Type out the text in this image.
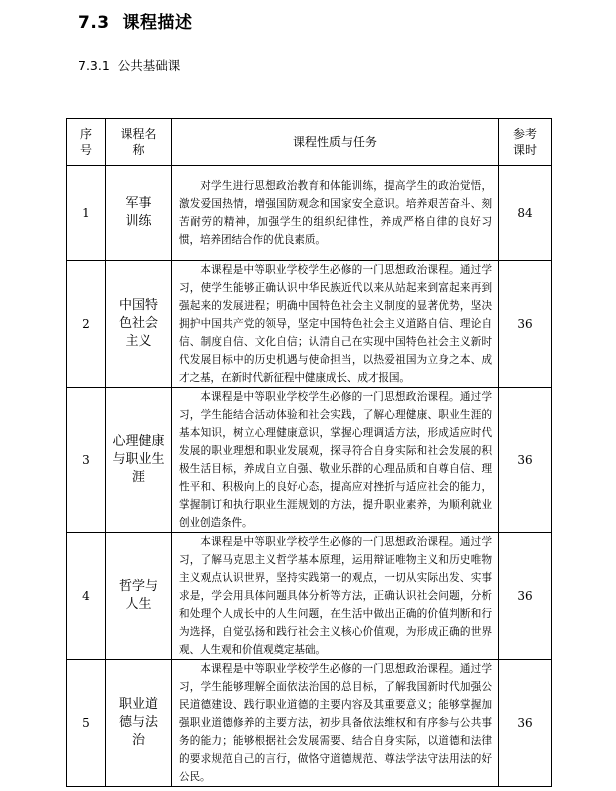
7.3 课程描述
7.3.1 公共基础课
序号	课程名称	课程性质与任务	参考课时
1	军事训练	对学生进行思想政治教育和体能训练，提高学生的政治觉悟，激发爱国热情，增强国防观念和国家安全意识。培养艰苦奋斗、刻苦耐劳的精神，加强学生的组织纪律性，养成严格自律的良好习惯，培养团结合作的优良素质。	84
2	中国特色社会主义	本课程是中等职业学校学生必修的一门思想政治课程。通过学习，使学生能够正确认识中华民族近代以来从站起来到富起来再到强起来的发展进程；明确中国特色社会主义制度的显著优势，坚决拥护中国共产党的领导，坚定中国特色社会主义道路自信、理论自信、制度自信、文化自信；认清自己在实现中国特色社会主义新时代发展目标中的历史机遇与使命担当，以热爱祖国为立身之本、成才之基，在新时代新征程中健康成长、成才报国。	36
3	心理健康与职业生涯	本课程是中等职业学校学生必修的一门思想政治课程。通过学习，学生能结合活动体验和社会实践，了解心理健康、职业生涯的基本知识，树立心理健康意识，掌握心理调适方法，形成适应时代发展的职业理想和职业发展观，探寻符合自身实际和社会发展的积极生活目标，养成自立自强、敬业乐群的心理品质和自尊自信、理性平和、积极向上的良好心态，提高应对挫折与适应社会的能力，掌握制订和执行职业生涯规划的方法，提升职业素养，为顺利就业创业创造条件。	36
4	哲学与人生	本课程是中等职业学校学生必修的一门思想政治课程。通过学习，了解马克思主义哲学基本原理，运用辩证唯物主义和历史唯物主义观点认识世界，坚持实践第一的观点，一切从实际出发、实事求是，学会用具体问题具体分析等方法，正确认识社会问题，分析和处理个人成长中的人生问题，在生活中做出正确的价值判断和行为选择，自觉弘扬和践行社会主义核心价值观，为形成正确的世界观、人生观和价值观奠定基础。	36
5	职业道德与法治	本课程是中等职业学校学生必修的一门思想政治课程。通过学习，学生能够理解全面依法治国的总目标，了解我国新时代加强公民道德建设、践行职业道德的主要内容及其重要意义；能够掌握加强职业道德修养的主要方法，初步具备依法维权和有序参与公共事务的能力；能够根据社会发展需要、结合自身实际，以道德和法律的要求规范自己的言行，做恪守道德规范、尊法学法守法用法的好公民。	36
